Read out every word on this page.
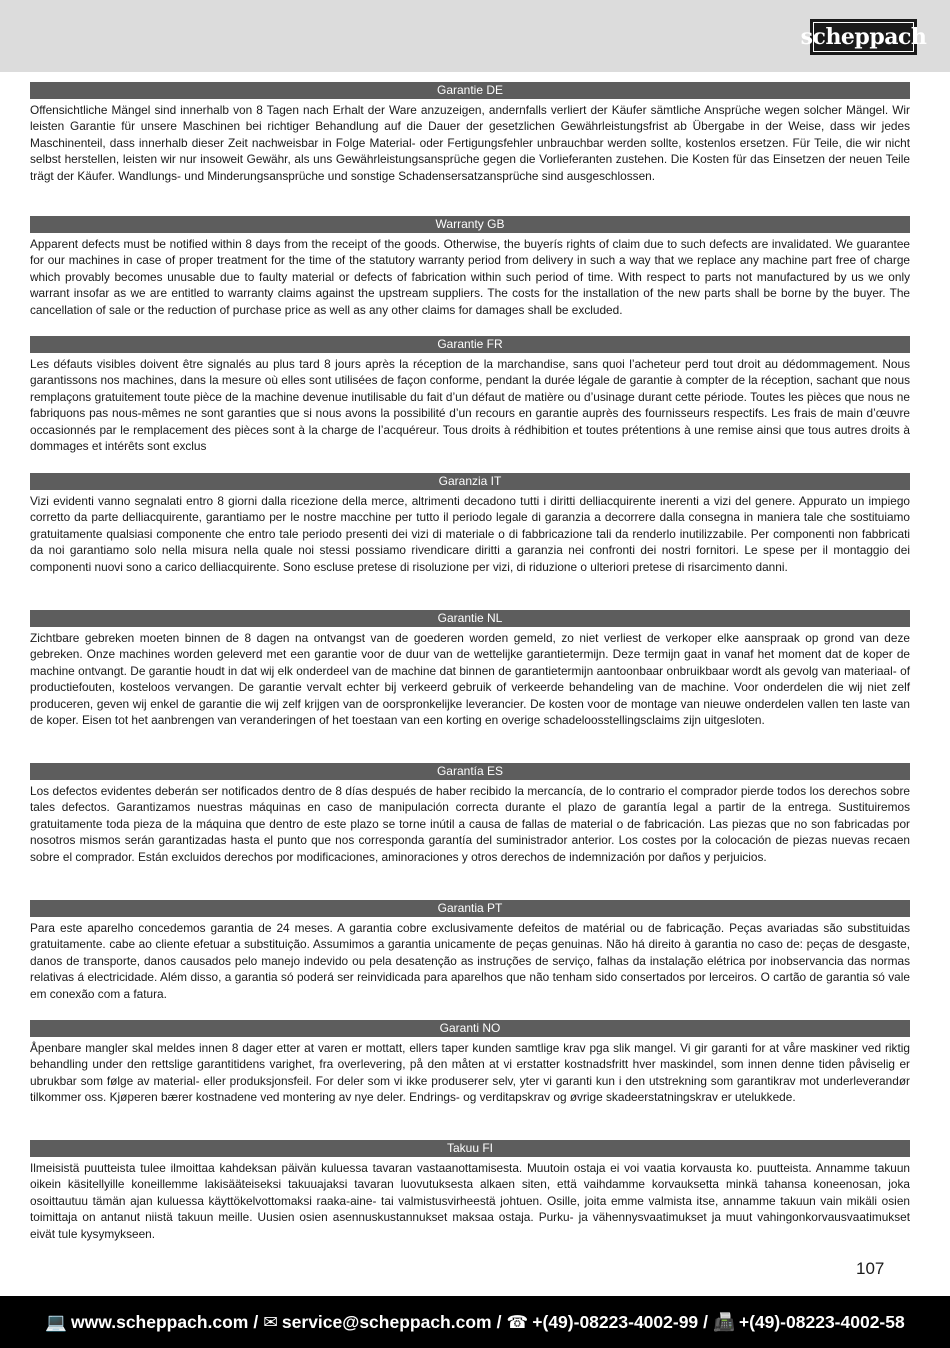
scheppach
Garantie DE

Offensichtliche Mängel sind innerhalb von 8 Tagen nach Erhalt der Ware anzuzeigen, andernfalls verliert der Käufer sämtliche Ansprüche wegen solcher Mängel. Wir leisten Garantie für unsere Maschinen bei richtiger Behandlung auf die Dauer der gesetzlichen Gewährleistungsfrist ab Übergabe in der Weise, dass wir jedes Maschinenteil, dass innerhalb dieser Zeit nachweisbar in Folge Material- oder Fertigungsfehler unbrauchbar werden sollte, kostenlos ersetzen. Für Teile, die wir nicht selbst herstellen, leisten wir nur insoweit Gewähr, als uns Gewährleistungsansprüche gegen die Vorlieferanten zustehen. Die Kosten für das Einsetzen der neuen Teile trägt der Käufer. Wandlungs- und Minderungsansprüche und sonstige Schadensersatzansprüche sind ausgeschlossen.

Warranty GB

Apparent defects must be notified within 8 days from the receipt of the goods. Otherwise, the buyerís rights of claim due to such defects are invalidated. We guarantee for our machines in case of proper treatment for the time of the statutory warranty period from delivery in such a way that we replace any machine part free of charge which provably becomes unusable due to faulty material or defects of fabrication within such period of time. With respect to parts not manufactured by us we only warrant insofar as we are entitled to warranty claims against the upstream suppliers. The costs for the installation of the new parts shall be borne by the buyer. The cancellation of sale or the reduction of purchase price as well as any other claims for damages shall be excluded.

Garantie FR

Les défauts visibles doivent être signalés au plus tard 8 jours après la réception de la marchandise, sans quoi l’acheteur perd tout droit au dédommagement. Nous garantissons nos machines, dans la mesure où elles sont utilisées de façon conforme, pendant la durée légale de garantie à compter de la réception, sachant que nous remplaçons gratuitement toute pièce de la machine devenue inutilisable du fait d’un défaut de matière ou d’usinage durant cette période. Toutes les pièces que nous ne fabriquons pas nous-mêmes ne sont garanties que si nous avons la possibilité d’un recours en garantie auprès des fournisseurs respectifs. Les frais de main d’œuvre occasionnés par le remplacement des pièces sont à la charge de l’acquéreur. Tous droits à rédhibition et toutes prétentions à une remise ainsi que tous autres droits à dommages et intérêts sont exclus

Garanzia IT

Vizi evidenti vanno segnalati entro 8 giorni dalla ricezione della merce, altrimenti decadono tutti i diritti delliacquirente inerenti a vizi del genere. Appurato un impiego corretto da parte delliacquirente, garantiamo per le nostre macchine per tutto il periodo legale di garanzia a decorrere dalla consegna in maniera tale che sostituiamo gratuitamente qualsiasi componente che entro tale periodo presenti dei vizi di materiale o di fabbricazione tali da renderlo inutilizzabile. Per componenti non fabbricati da noi garantiamo solo nella misura nella quale noi stessi possiamo rivendicare diritti a garanzia nei confronti dei nostri fornitori. Le spese per il montaggio dei componenti nuovi sono a carico delliacquirente. Sono escluse pretese di risoluzione per vizi, di riduzione o ulteriori pretese di risarcimento danni.

Garantie NL

Zichtbare gebreken moeten binnen de 8 dagen na ontvangst van de goederen worden gemeld, zo niet verliest de verkoper elke aanspraak op grond van deze gebreken. Onze machines worden geleverd met een garantie voor de duur van de wettelijke garantietermijn. Deze termijn gaat in vanaf het moment dat de koper de machine ontvangt. De garantie houdt in dat wij elk onderdeel van de machine dat binnen de garantietermijn aantoonbaar onbruikbaar wordt als gevolg van materiaal- of productiefouten, kosteloos vervangen. De garantie vervalt echter bij verkeerd gebruik of verkeerde behandeling van de machine. Voor onderdelen die wij niet zelf produceren, geven wij enkel de garantie die wij zelf krijgen van de oorspronkelijke leverancier. De kosten voor de montage van nieuwe onderdelen vallen ten laste van de koper. Eisen tot het aanbrengen van veranderingen of het toestaan van een korting en overige schadeloosstellingsclaims zijn uitgesloten.

Garantía ES

Los defectos evidentes deberán ser notificados dentro de 8 días después de haber recibido la mercancía, de lo contrario el comprador pierde todos los derechos sobre tales defectos. Garantizamos nuestras máquinas en caso de manipulación correcta durante el plazo de garantía legal a partir de la entrega. Sustituiremos gratuitamente toda pieza de la máquina que dentro de este plazo se torne inútil a causa de fallas de material o de fabricación. Las piezas que no son fabricadas por nosotros mismos serán garantizadas hasta el punto que nos corresponda garantía del suministrador anterior. Los costes por la colocación de piezas nuevas recaen sobre el comprador. Están excluidos derechos por modificaciones, aminoraciones y otros derechos de indemnización por daños y perjuicios.

Garantia PT

Para este aparelho concedemos garantia de 24 meses. A garantia cobre exclusivamente defeitos de matérial ou de fabricação. Peças avariadas são substituidas gratuitamente. cabe ao cliente efetuar a substituição. Assumimos a garantia unicamente de peças genuinas. Não há direito à garantia no caso de: peças de desgaste, danos de transporte, danos causados pelo manejo indevido ou pela desatenção as instruções de serviço, falhas da instalação elétrica por inobservancia das normas relativas á electricidade. Além disso, a garantia só poderá ser reinvidicada para aparelhos que não tenham sido consertados por lerceiros. O cartão de garantia só vale em conexão com a fatura.

Garanti NO

Åpenbare mangler skal meldes innen 8 dager etter at varen er mottatt, ellers taper kunden samtlige krav pga slik mangel. Vi gir garanti for at våre maskiner ved riktig behandling under den rettslige garantitidens varighet, fra overlevering, på den måten at vi erstatter kostnadsfritt hver maskindel, som innen denne tiden påviselig er ubrukbar som følge av material- eller produksjonsfeil. For deler som vi ikke produserer selv, yter vi garanti kun i den utstrekning som garantikrav mot underleverandør tilkommer oss. Kjøperen bærer kostnadene ved montering av nye deler. Endrings- og verditapskrav og øvrige skadeerstatningskrav er utelukkede.

Takuu FI

Ilmeisistä puutteista tulee ilmoittaa kahdeksan päivän kuluessa tavaran vastaanottamisesta. Muutoin ostaja ei voi vaatia korvausta ko. puutteista. Annamme takuun oikein käsitellyille koneillemme lakisääteiseksi takuuajaksi tavaran luovutuksesta alkaen siten, että vaihdamme korvauksetta minkä tahansa koneenosan, joka osoittautuu tämän ajan kuluessa käyttökelvottomaksi raaka-aine- tai valmistusvirheestä johtuen. Osille, joita emme valmista itse, annamme takuun vain mikäli osien toimittaja on antanut niistä takuun meille. Uusien osien asennuskustannukset maksaa ostaja. Purku- ja vähennysvaatimukset ja muut vahingonkorvausvaatimukset eivät tule kysymykseen.

107
💻 www.scheppach.com / ✉ service@scheppach.com / ☎ +(49)-08223-4002-99 / 📠 +(49)-08223-4002-58
